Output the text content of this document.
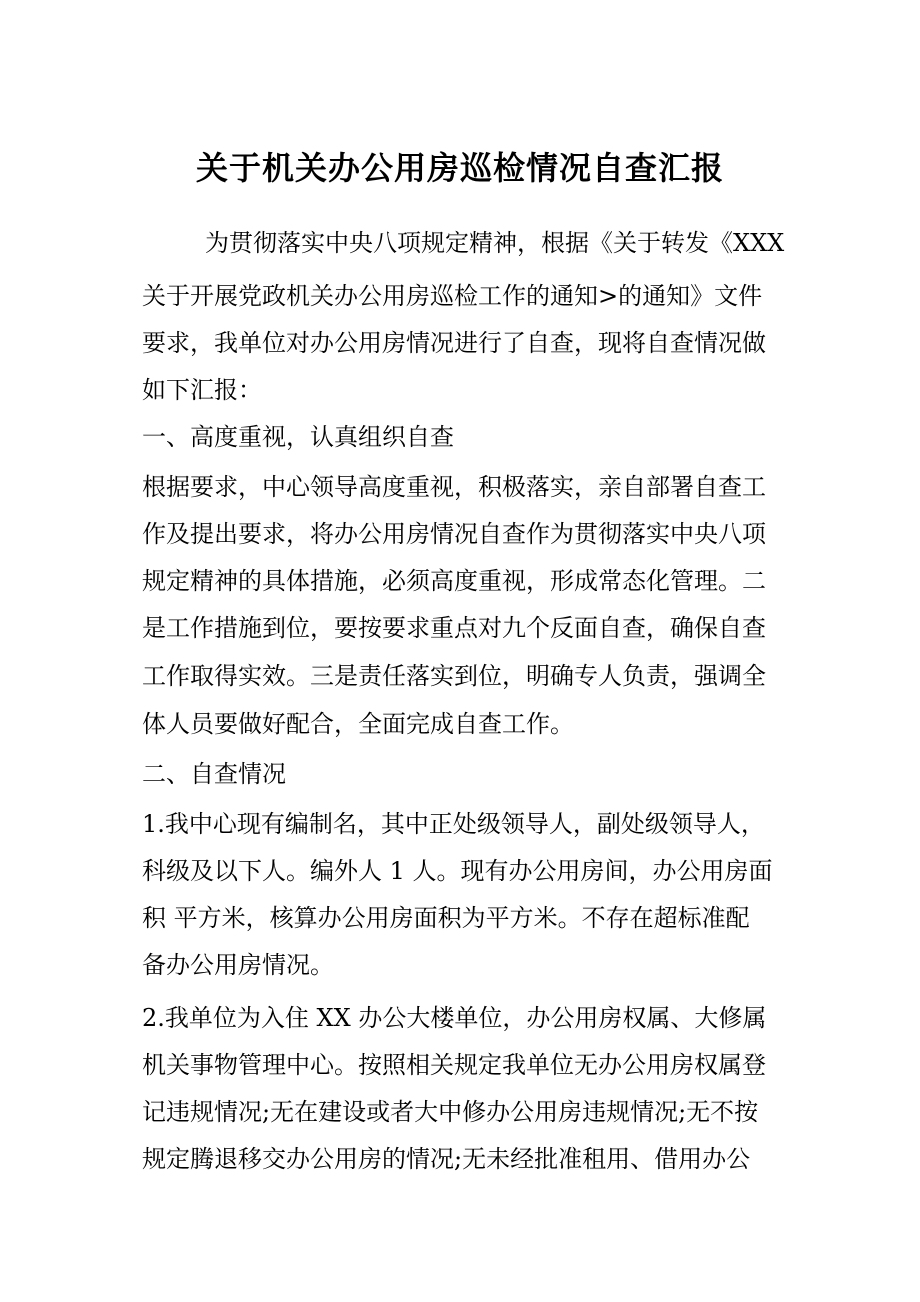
关于机关办公用房巡检情况自查汇报
为贯彻落实中央八项规定精神，根据《关于转发《XXX
关于开展党政机关办公用房巡检工作的通知>的通知》文件
要求，我单位对办公用房情况进行了自查，现将自查情况做
如下汇报：
一、高度重视，认真组织自查
根据要求，中心领导高度重视，积极落实，亲自部署自查工
作及提出要求，将办公用房情况自查作为贯彻落实中央八项
规定精神的具体措施，必须高度重视，形成常态化管理。二
是工作措施到位，要按要求重点对九个反面自查，确保自查
工作取得实效。三是责任落实到位，明确专人负责，强调全
体人员要做好配合，全面完成自查工作。
二、自查情况
1.我中心现有编制名，其中正处级领导人，副处级领导人，
科级及以下人。编外人 1 人。现有办公用房间，办公用房面
积 平方米，核算办公用房面积为平方米。不存在超标准配
备办公用房情况。
2.我单位为入住 XX 办公大楼单位，办公用房权属、大修属
机关事物管理中心。按照相关规定我单位无办公用房权属登
记违规情况;无在建设或者大中修办公用房违规情况;无不按
规定腾退移交办公用房的情况;无未经批准租用、借用办公
